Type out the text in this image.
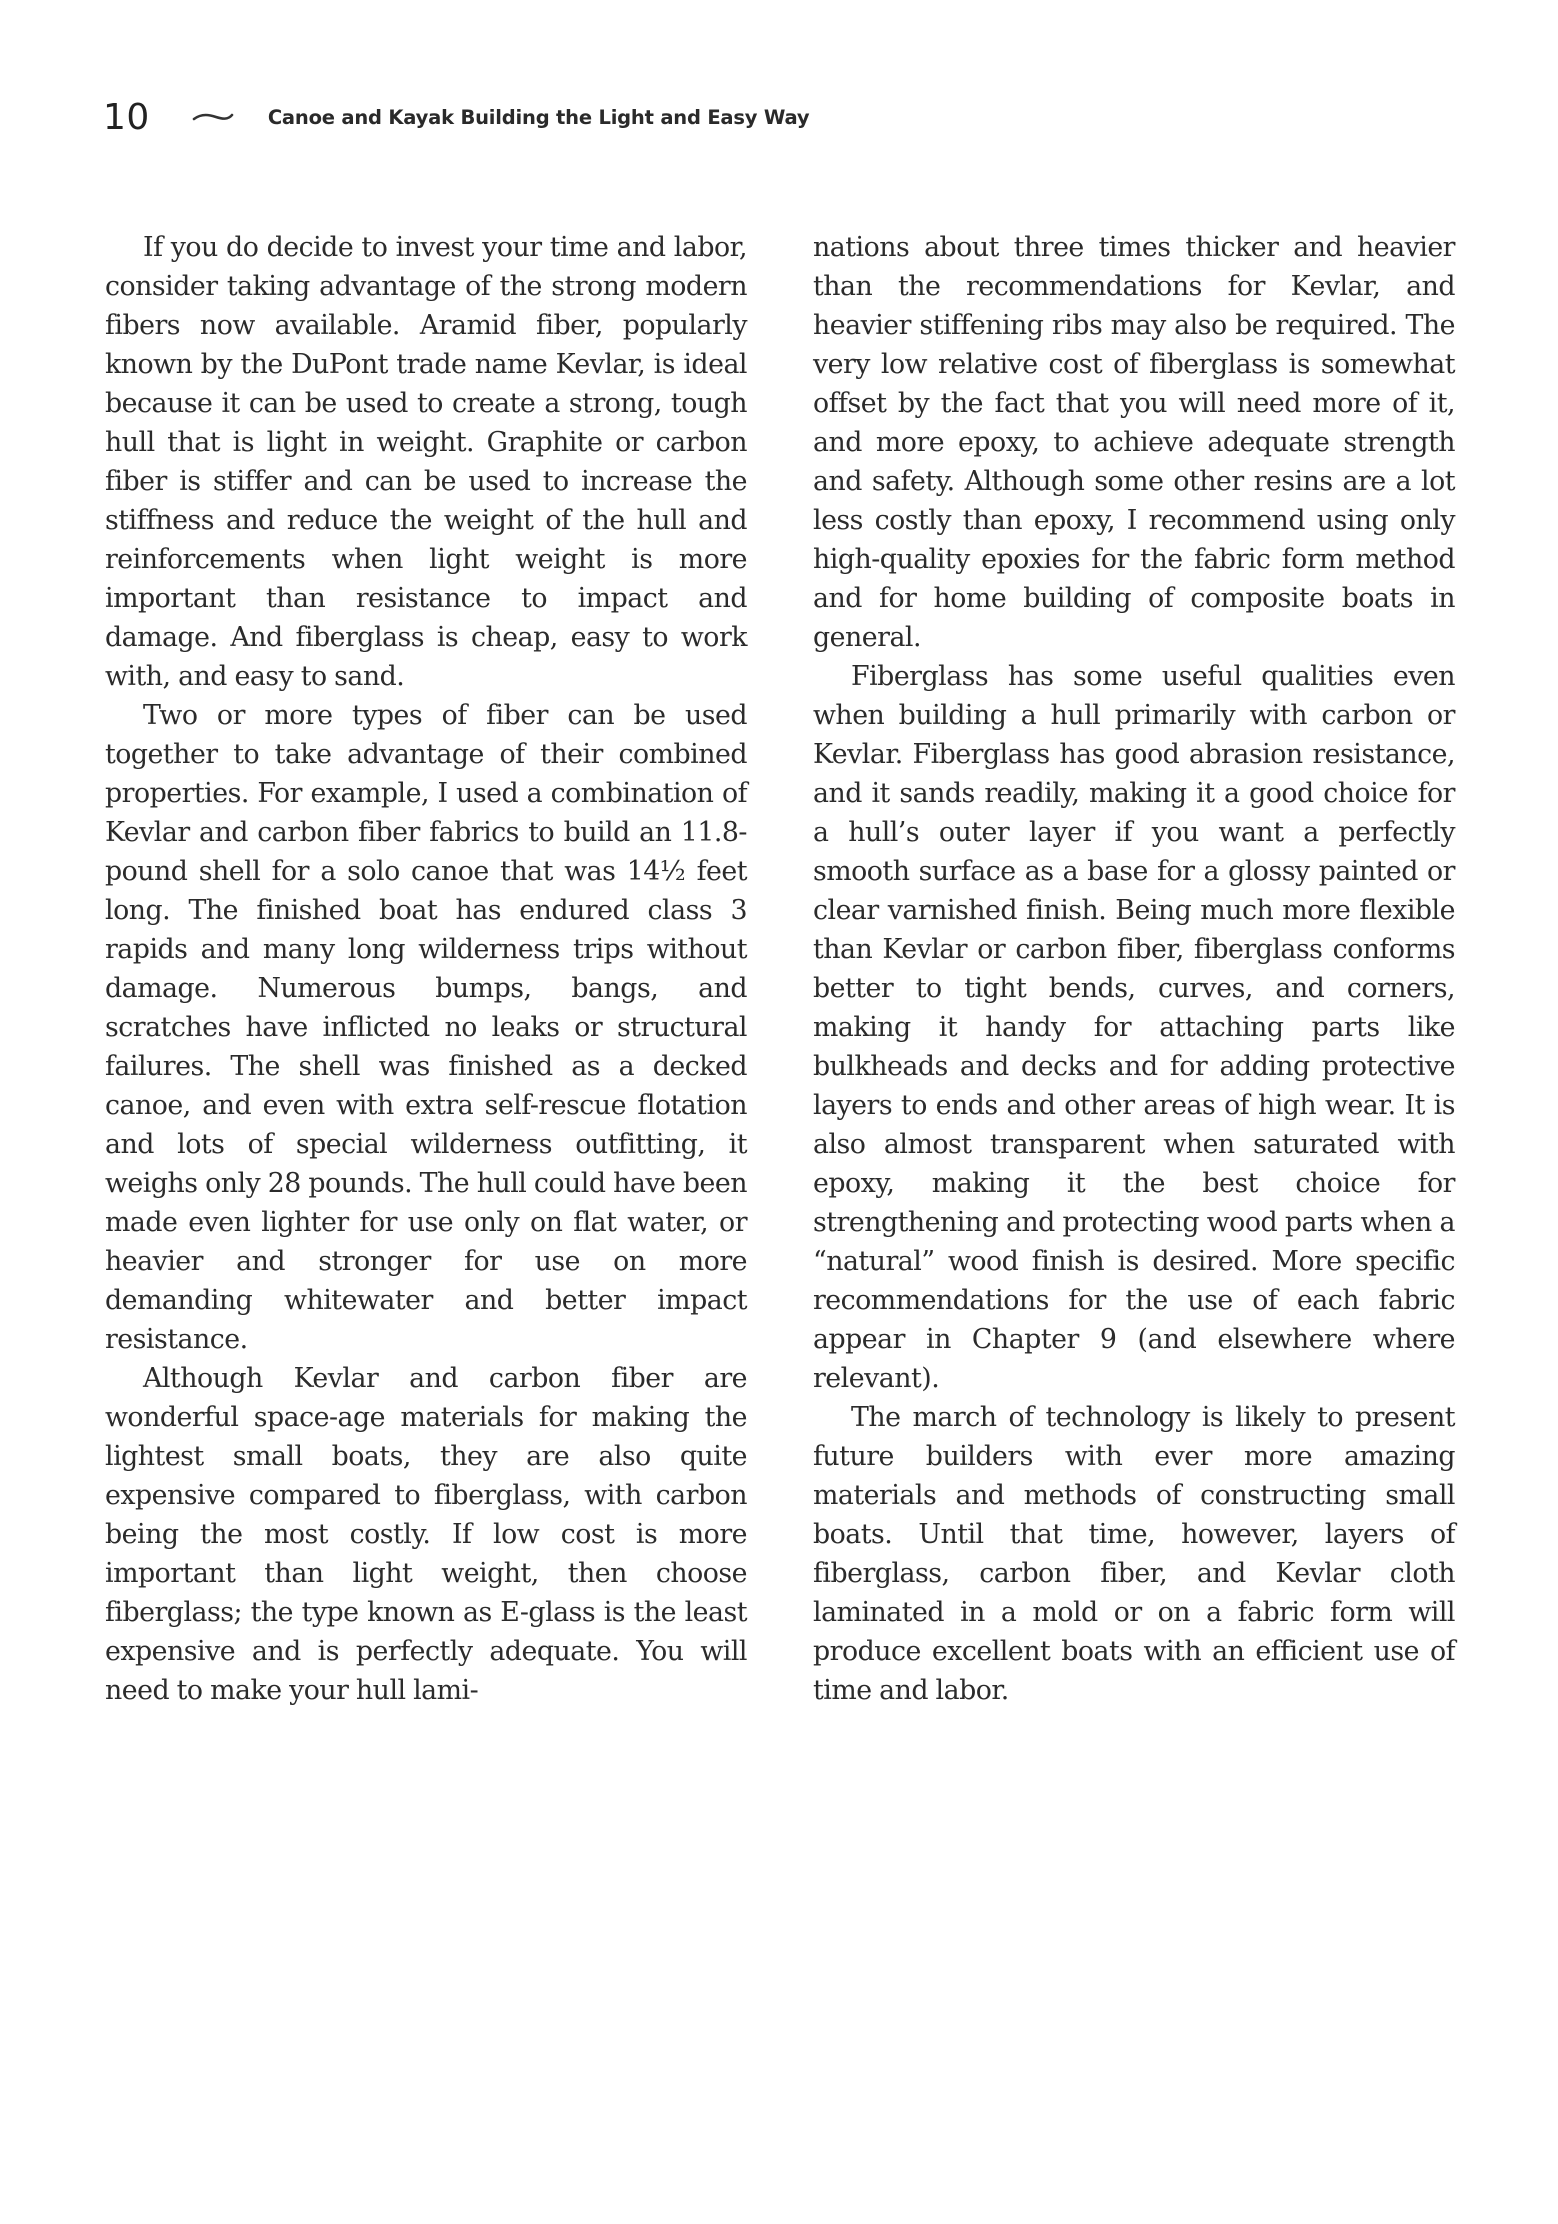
10	Canoe and Kayak Building the Light and Easy Way

If you do decide to invest your time and labor, consider taking advantage of the strong modern fibers now available. Aramid fiber, popularly known by the DuPont trade name Kevlar, is ideal because it can be used to create a strong, tough hull that is light in weight. Graphite or carbon fiber is stiffer and can be used to increase the stiffness and reduce the weight of the hull and reinforcements when light weight is more important than resistance to impact and damage. And fiberglass is cheap, easy to work with, and easy to sand.

Two or more types of fiber can be used together to take advantage of their combined properties. For example, I used a combination of Kevlar and carbon fiber fabrics to build an 11.8-pound shell for a solo canoe that was 14½ feet long. The finished boat has endured class 3 rapids and many long wilderness trips without damage. Numerous bumps, bangs, and scratches have inflicted no leaks or structural failures. The shell was finished as a decked canoe, and even with extra self-rescue flotation and lots of special wilderness outfitting, it weighs only 28 pounds. The hull could have been made even lighter for use only on flat water, or heavier and stronger for use on more demanding whitewater and better impact resistance.

Although Kevlar and carbon fiber are wonderful space-age materials for making the lightest small boats, they are also quite expensive compared to fiberglass, with carbon being the most costly. If low cost is more important than light weight, then choose fiberglass; the type known as E-glass is the least expensive and is perfectly adequate. You will need to make your hull lami-

nations about three times thicker and heavier than the recommendations for Kevlar, and heavier stiffening ribs may also be required. The very low relative cost of fiberglass is somewhat offset by the fact that you will need more of it, and more epoxy, to achieve adequate strength and safety. Although some other resins are a lot less costly than epoxy, I recommend using only high-quality epoxies for the fabric form method and for home building of composite boats in general.

Fiberglass has some useful qualities even when building a hull primarily with carbon or Kevlar. Fiberglass has good abrasion resistance, and it sands readily, making it a good choice for a hull’s outer layer if you want a perfectly smooth surface as a base for a glossy painted or clear varnished finish. Being much more flexible than Kevlar or carbon fiber, fiberglass conforms better to tight bends, curves, and corners, making it handy for attaching parts like bulkheads and decks and for adding protective layers to ends and other areas of high wear. It is also almost transparent when saturated with epoxy, making it the best choice for strengthening and protecting wood parts when a “natural” wood finish is desired. More specific recommendations for the use of each fabric appear in Chapter 9 (and elsewhere where relevant).

The march of technology is likely to present future builders with ever more amazing materials and methods of constructing small boats. Until that time, however, layers of fiberglass, carbon fiber, and Kevlar cloth laminated in a mold or on a fabric form will produce excellent boats with an efficient use of time and labor.
